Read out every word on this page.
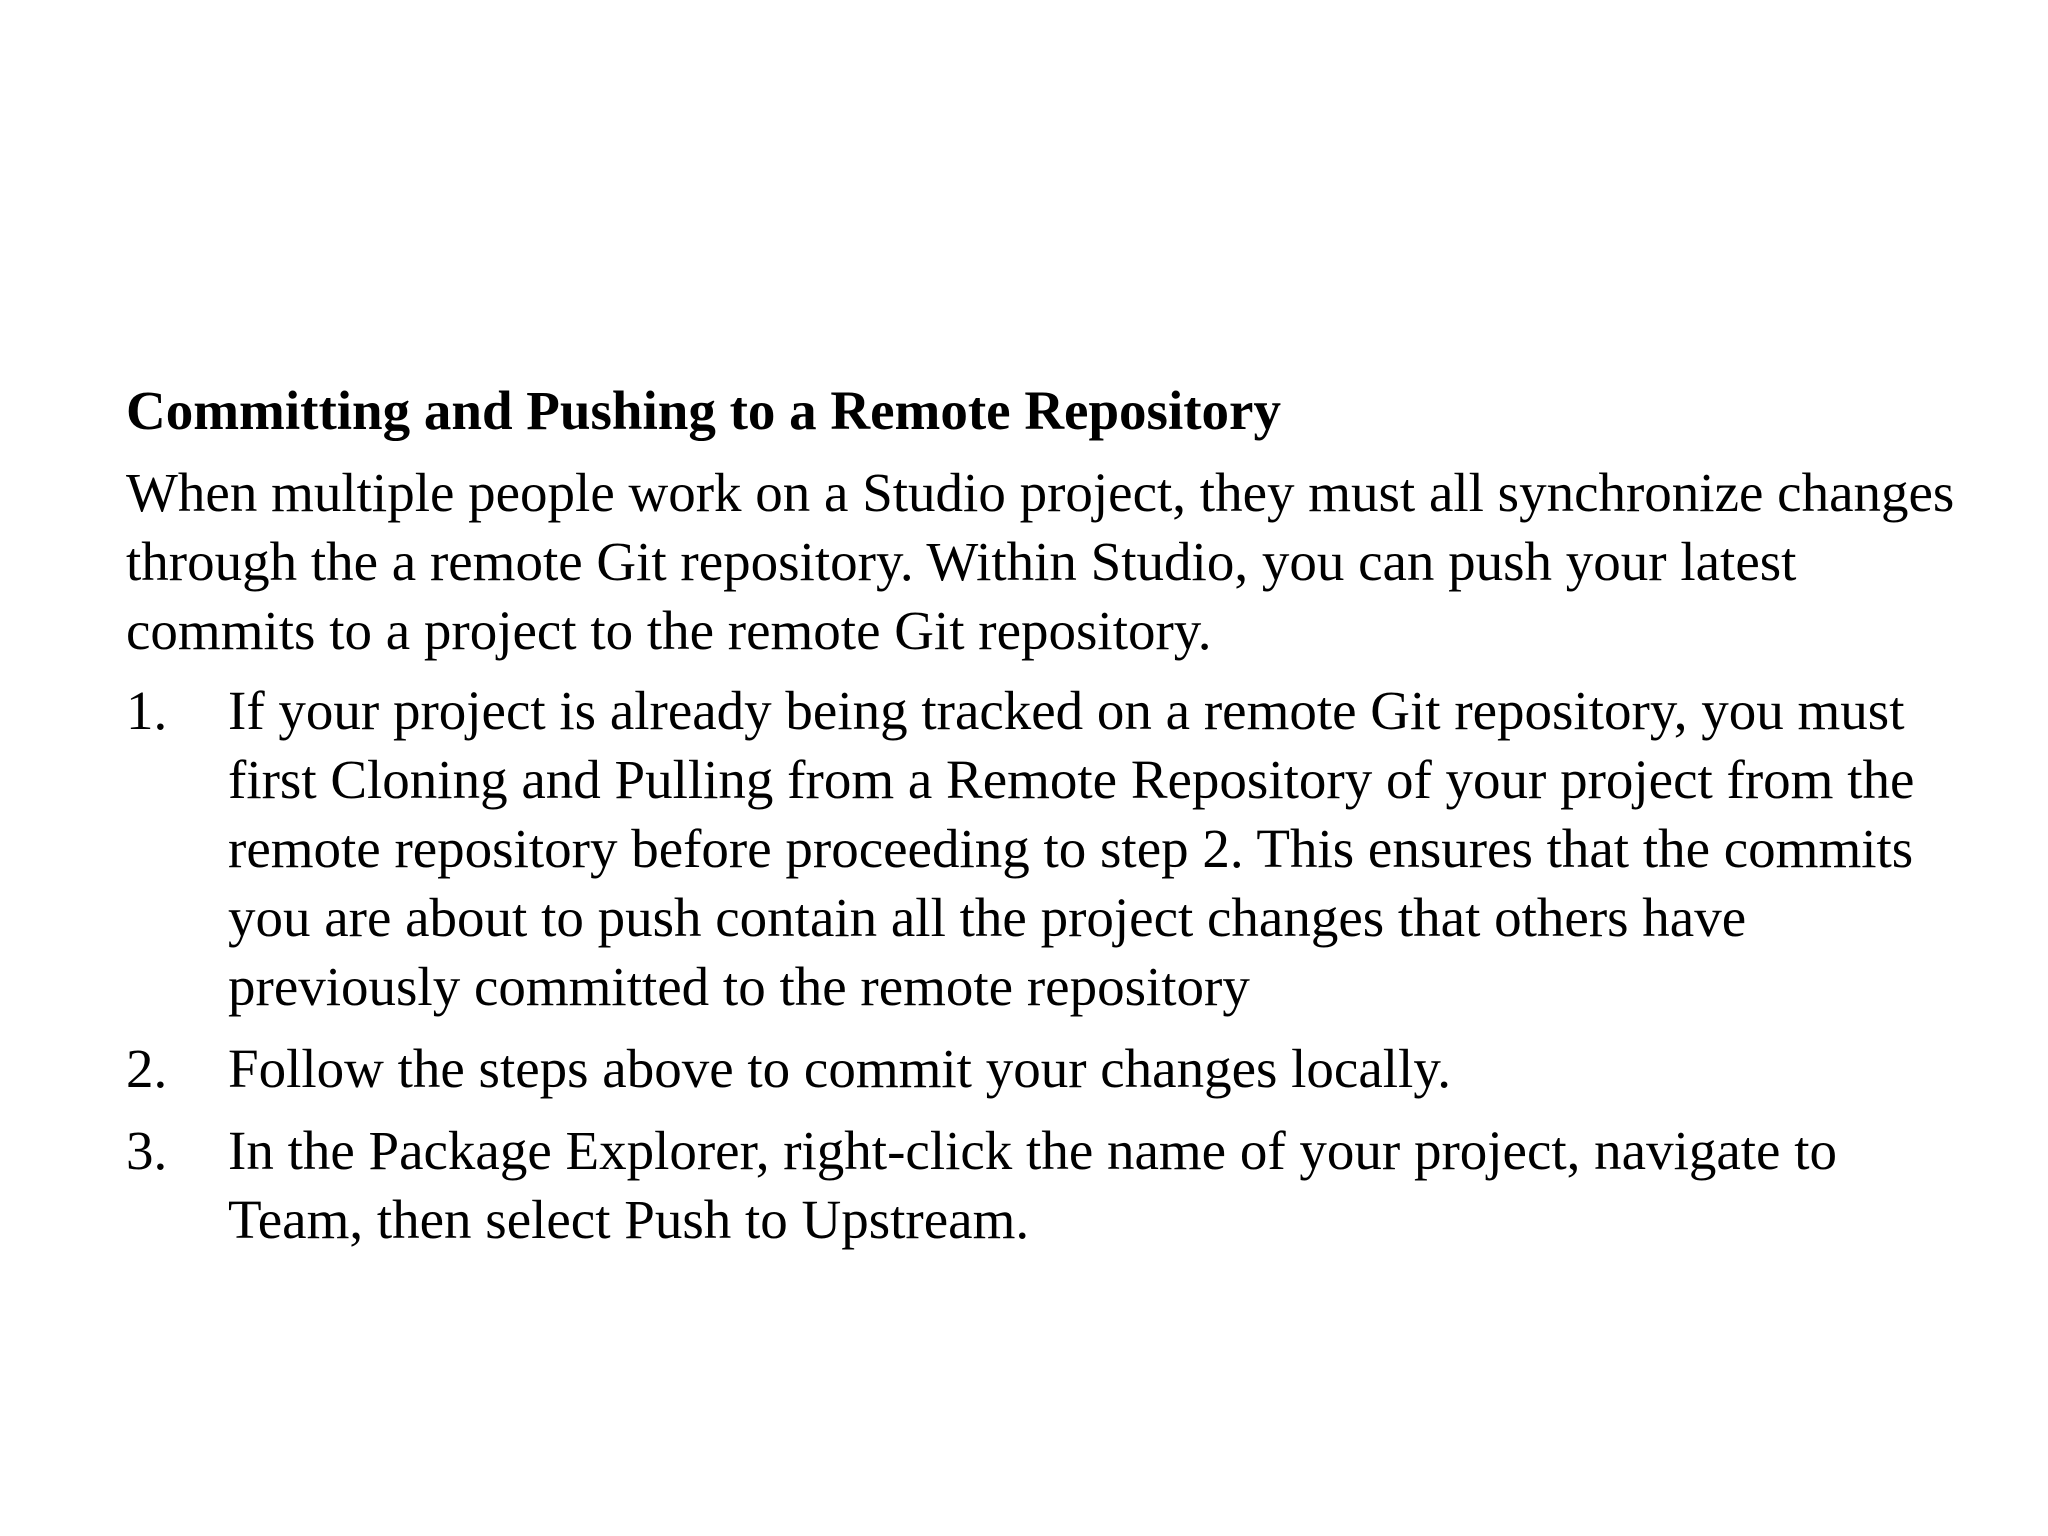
Committing and Pushing to a Remote Repository

When multiple people work on a Studio project, they must all synchronize changes through the a remote Git repository. Within Studio, you can push your latest commits to a project to the remote Git repository.

1. If your project is already being tracked on a remote Git repository, you must first Cloning and Pulling from a Remote Repository of your project from the remote repository before proceeding to step 2. This ensures that the commits you are about to push contain all the project changes that others have previously committed to the remote repository
2. Follow the steps above to commit your changes locally.
3. In the Package Explorer, right-click the name of your project, navigate to Team, then select Push to Upstream.
